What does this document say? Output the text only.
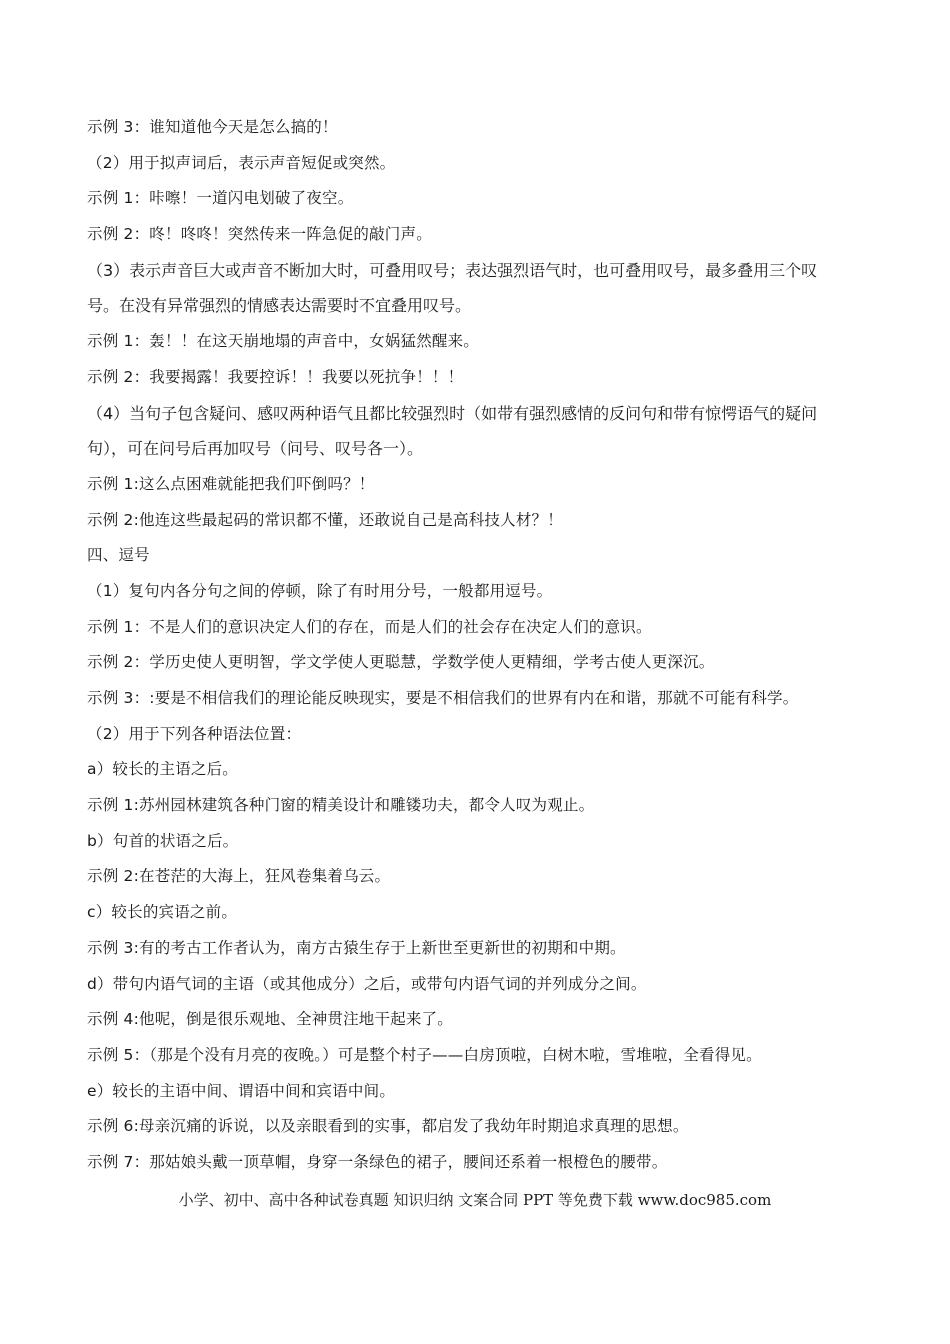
示例 3：谁知道他今天是怎么搞的！
（2）用于拟声词后，表示声音短促或突然。
示例 1：咔嚓！一道闪电划破了夜空。
示例 2：咚！咚咚！突然传来一阵急促的敲门声。
（3）表示声音巨大或声音不断加大时，可叠用叹号；表达强烈语气时，也可叠用叹号，最多叠用三个叹
号。在没有异常强烈的情感表达需要时不宜叠用叹号。
示例 1：轰！！在这天崩地塌的声音中，女娲猛然醒来。
示例 2：我要揭露！我要控诉！！我要以死抗争！！！
（4）当句子包含疑问、感叹两种语气且都比较强烈时（如带有强烈感情的反问句和带有惊愕语气的疑问
句），可在问号后再加叹号（问号、叹号各一）。
示例 1:这么点困难就能把我们吓倒吗？！
示例 2:他连这些最起码的常识都不懂，还敢说自己是高科技人材？！
四、逗号
（1）复句内各分句之间的停顿，除了有时用分号，一般都用逗号。
示例 1：不是人们的意识决定人们的存在，而是人们的社会存在决定人们的意识。
示例 2：学历史使人更明智，学文学使人更聪慧，学数学使人更精细，学考古使人更深沉。
示例 3：:要是不相信我们的理论能反映现实，要是不相信我们的世界有内在和谐，那就不可能有科学。
（2）用于下列各种语法位置：
a）较长的主语之后。
示例 1:苏州园林建筑各种门窗的精美设计和雕镂功夫，都令人叹为观止。
b）句首的状语之后。
示例 2:在苍茫的大海上，狂风卷集着乌云。
c）较长的宾语之前。
示例 3:有的考古工作者认为，南方古猿生存于上新世至更新世的初期和中期。
d）带句内语气词的主语（或其他成分）之后，或带句内语气词的并列成分之间。
示例 4:他呢，倒是很乐观地、全神贯注地干起来了。
示例 5：（那是个没有月亮的夜晚。）可是整个村子——白房顶啦，白树木啦，雪堆啦，全看得见。
e）较长的主语中间、谓语中间和宾语中间。
示例 6:母亲沉痛的诉说，以及亲眼看到的实事，都启发了我幼年时期追求真理的思想。
示例 7：那姑娘头戴一顶草帽，身穿一条绿色的裙子，腰间还系着一根橙色的腰带。
小学、初中、高中各种试卷真题 知识归纳 文案合同 PPT 等免费下载 www.doc985.com
